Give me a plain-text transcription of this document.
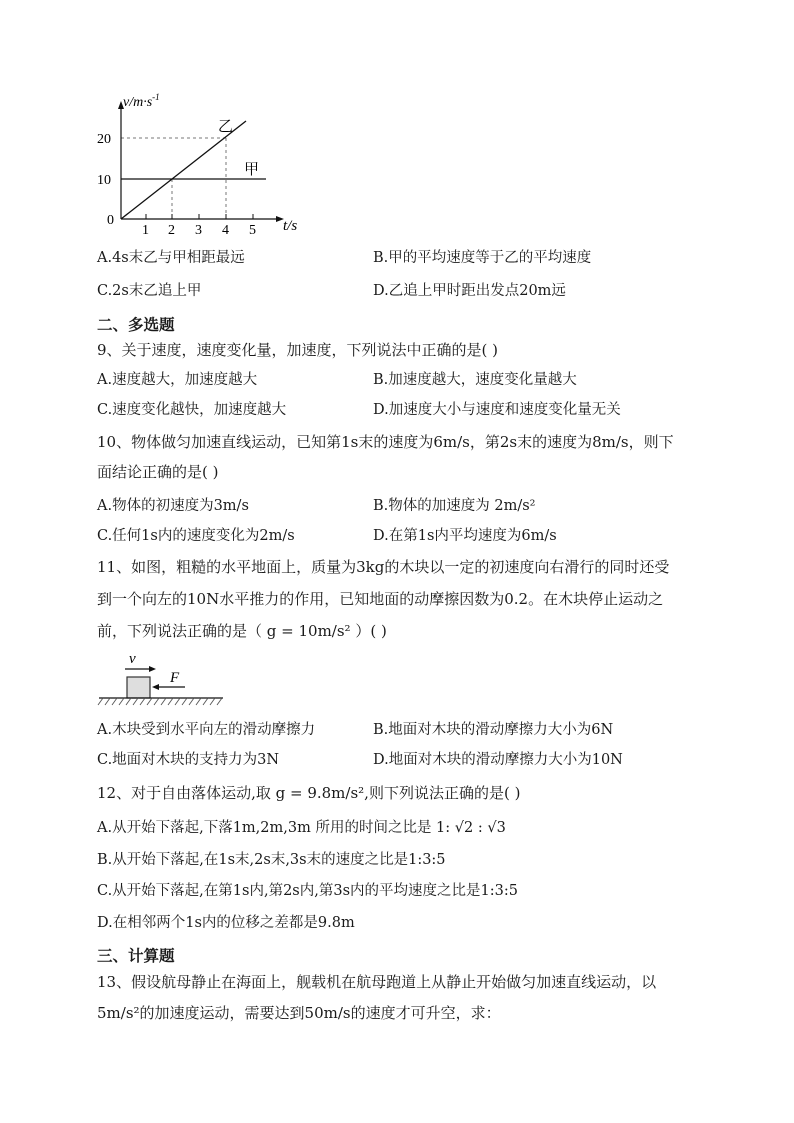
$v/m\cdot s^{-1}$
20
10
0
1 2 3 4 5 t/s
乙
甲
A.4s末乙与甲相距最远	B.甲的平均速度等于乙的平均速度
C.2s末乙追上甲	D.乙追上甲时距出发点20m远
二、多选题
9、关于速度，速度变化量，加速度，下列说法中正确的是( )
A.速度越大，加速度越大	B.加速度越大，速度变化量越大
C.速度变化越快，加速度越大	D.加速度大小与速度和速度变化量无关
10、物体做匀加速直线运动，已知第1s末的速度为6m/s，第2s末的速度为8m/s，则下
面结论正确的是( )
A.物体的初速度为3m/s	B.物体的加速度为 2m/s²
C.任何1s内的速度变化为2m/s	D.在第1s内平均速度为6m/s
11、如图，粗糙的水平地面上，质量为3kg的木块以一定的初速度向右滑行的同时还受
到一个向左的10N水平推力的作用，已知地面的动摩擦因数为0.2。在木块停止运动之
前，下列说法正确的是（ g = 10m/s² ）( )
v
F
A.木块受到水平向左的滑动摩擦力	B.地面对木块的滑动摩擦力大小为6N
C.地面对木块的支持力为3N	D.地面对木块的滑动摩擦力大小为10N
12、对于自由落体运动,取 g = 9.8m/s²,则下列说法正确的是( )
A.从开始下落起,下落1m,2m,3m 所用的时间之比是 1: √2 : √3
B.从开始下落起,在1s末,2s末,3s末的速度之比是1:3:5
C.从开始下落起,在第1s内,第2s内,第3s内的平均速度之比是1:3:5
D.在相邻两个1s内的位移之差都是9.8m
三、计算题
13、假设航母静止在海面上，舰载机在航母跑道上从静止开始做匀加速直线运动，以
5m/s²的加速度运动，需要达到50m/s的速度才可升空，求：
